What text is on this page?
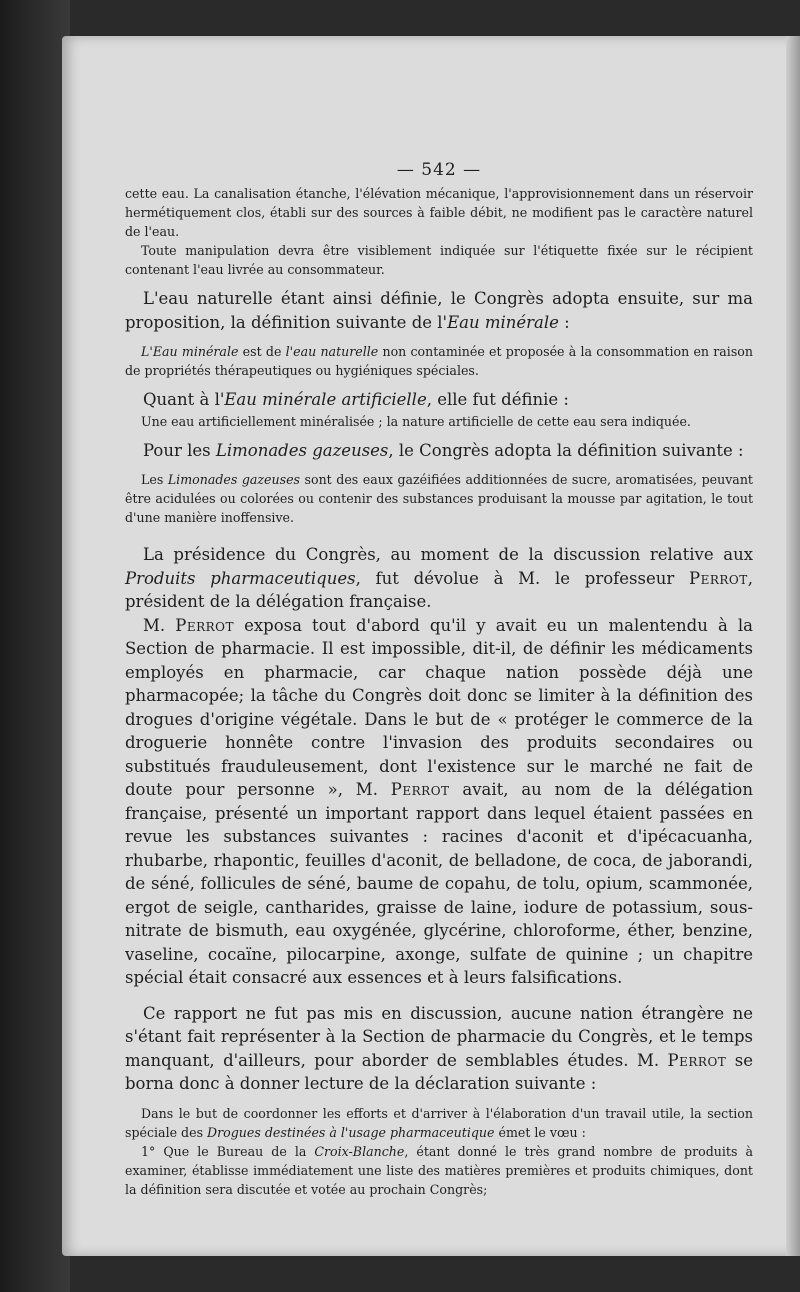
— 542 —

cette eau. La canalisation étanche, l'élévation mécanique, l'approvisionnement dans un réservoir hermétiquement clos, établi sur des sources à faible débit, ne modifient pas le caractère naturel de l'eau.

Toute manipulation devra être visiblement indiquée sur l'étiquette fixée sur le récipient contenant l'eau livrée au consommateur.

L'eau naturelle étant ainsi définie, le Congrès adopta ensuite, sur ma proposition, la définition suivante de l'Eau minérale :

L'Eau minérale est de l'eau naturelle non contaminée et proposée à la consommation en raison de propriétés thérapeutiques ou hygiéniques spéciales.

Quant à l'Eau minérale artificielle, elle fut définie :

Une eau artificiellement minéralisée ; la nature artificielle de cette eau sera indiquée.

Pour les Limonades gazeuses, le Congrès adopta la définition suivante :

Les Limonades gazeuses sont des eaux gazéifiées additionnées de sucre, aromatisées, peuvant être acidulées ou colorées ou contenir des substances produisant la mousse par agitation, le tout d'une manière inoffensive.

La présidence du Congrès, au moment de la discussion relative aux Produits pharmaceutiques, fut dévolue à M. le professeur Perrot, président de la délégation française.

M. Perrot exposa tout d'abord qu'il y avait eu un malentendu à la Section de pharmacie. Il est impossible, dit-il, de définir les médicaments employés en pharmacie, car chaque nation possède déjà une pharmacopée; la tâche du Congrès doit donc se limiter à la définition des drogues d'origine végétale. Dans le but de « protéger le commerce de la droguerie honnête contre l'invasion des produits secondaires ou substitués frauduleusement, dont l'existence sur le marché ne fait de doute pour personne », M. Perrot avait, au nom de la délégation française, présenté un important rapport dans lequel étaient passées en revue les substances suivantes : racines d'aconit et d'ipécacuanha, rhubarbe, rhapontic, feuilles d'aconit, de belladone, de coca, de jaborandi, de séné, follicules de séné, baume de copahu, de tolu, opium, scammonée, ergot de seigle, cantharides, graisse de laine, iodure de potassium, sous-nitrate de bismuth, eau oxygénée, glycérine, chloroforme, éther, benzine, vaseline, cocaïne, pilocarpine, axonge, sulfate de quinine ; un chapitre spécial était consacré aux essences et à leurs falsifications.

Ce rapport ne fut pas mis en discussion, aucune nation étrangère ne s'étant fait représenter à la Section de pharmacie du Congrès, et le temps manquant, d'ailleurs, pour aborder de semblables études. M. Perrot se borna donc à donner lecture de la déclaration suivante :

Dans le but de coordonner les efforts et d'arriver à l'élaboration d'un travail utile, la section spéciale des Drogues destinées à l'usage pharmaceutique émet le vœu :

1° Que le Bureau de la Croix-Blanche, étant donné le très grand nombre de produits à examiner, établisse immédiatement une liste des matières premières et produits chimiques, dont la définition sera discutée et votée au prochain Congrès;
